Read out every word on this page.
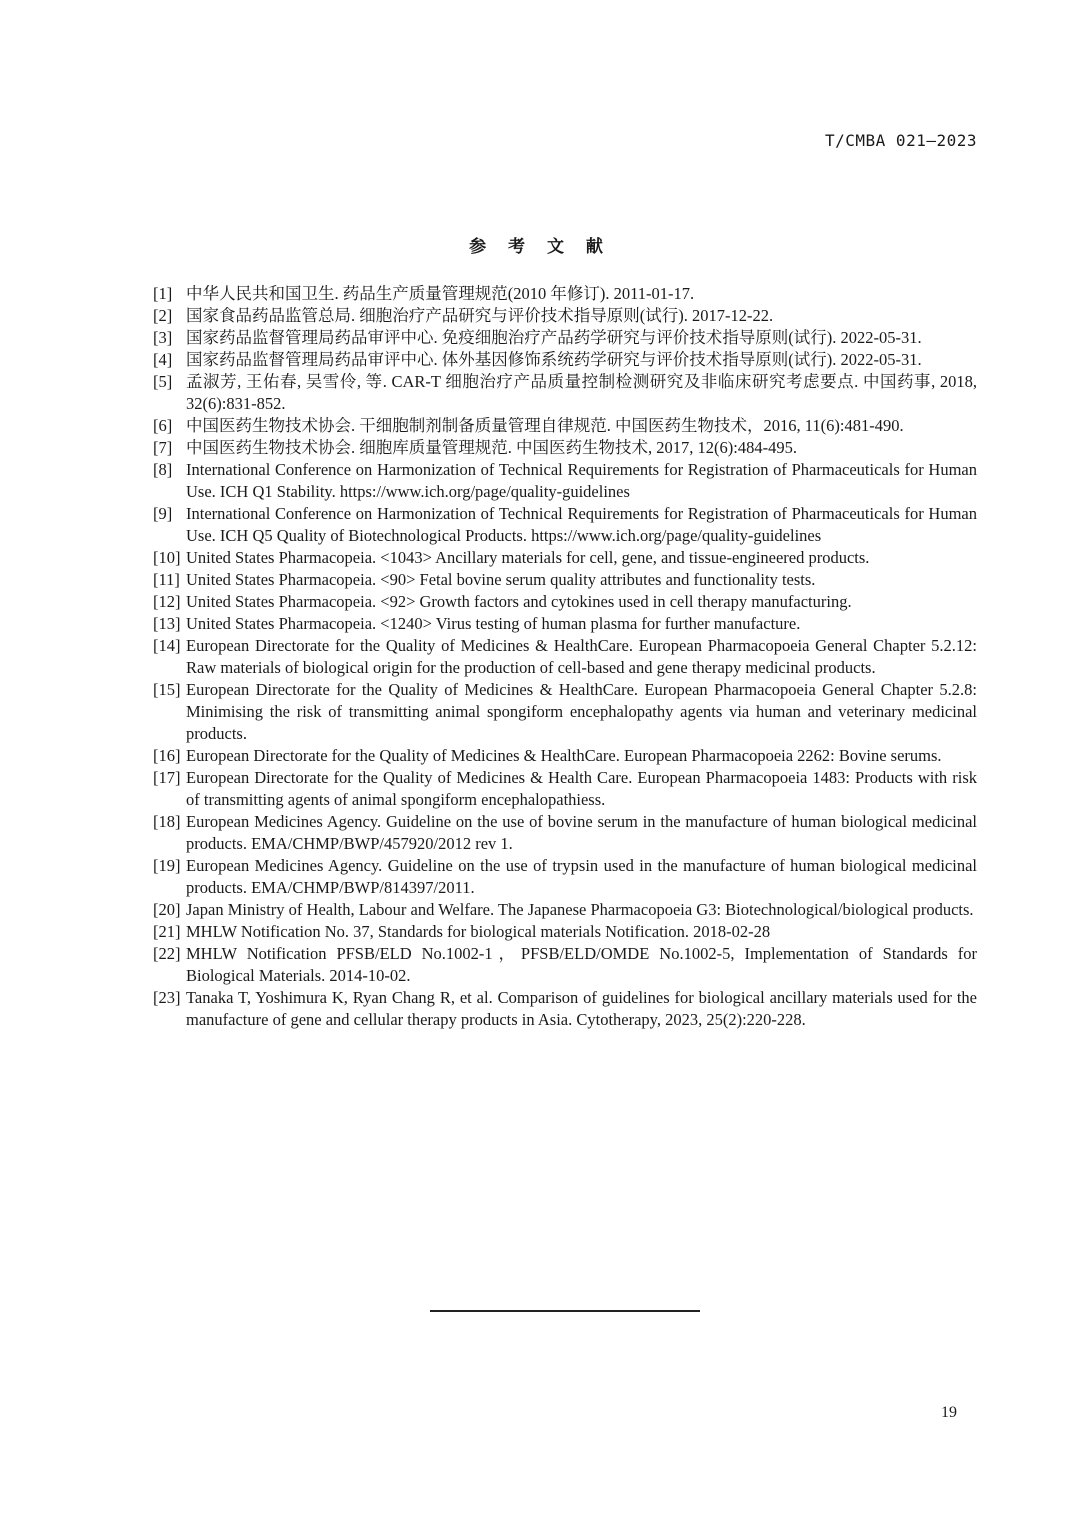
T/CMBA 021—2023
参 考 文 献
[1] 中华人民共和国卫生. 药品生产质量管理规范(2010 年修订). 2011-01-17.
[2] 国家食品药品监管总局. 细胞治疗产品研究与评价技术指导原则(试行). 2017-12-22.
[3] 国家药品监督管理局药品审评中心. 免疫细胞治疗产品药学研究与评价技术指导原则(试行). 2022-05-31.
[4] 国家药品监督管理局药品审评中心. 体外基因修饰系统药学研究与评价技术指导原则(试行). 2022-05-31.
[5] 孟淑芳, 王佑春, 吴雪伶, 等. CAR-T 细胞治疗产品质量控制检测研究及非临床研究考虑要点. 中国药事, 2018, 32(6):831-852.
[6] 中国医药生物技术协会. 干细胞制剂制备质量管理自律规范. 中国医药生物技术，2016, 11(6):481-490.
[7] 中国医药生物技术协会. 细胞库质量管理规范. 中国医药生物技术, 2017, 12(6):484-495.
[8] International Conference on Harmonization of Technical Requirements for Registration of Pharmaceuticals for Human Use. ICH Q1 Stability. https://www.ich.org/page/quality-guidelines
[9] International Conference on Harmonization of Technical Requirements for Registration of Pharmaceuticals for Human Use. ICH Q5 Quality of Biotechnological Products. https://www.ich.org/page/quality-guidelines
[10] United States Pharmacopeia. <1043> Ancillary materials for cell, gene, and tissue-engineered products.
[11] United States Pharmacopeia. <90> Fetal bovine serum quality attributes and functionality tests.
[12] United States Pharmacopeia. <92> Growth factors and cytokines used in cell therapy manufacturing.
[13] United States Pharmacopeia. <1240> Virus testing of human plasma for further manufacture.
[14] European Directorate for the Quality of Medicines & HealthCare. European Pharmacopoeia General Chapter 5.2.12: Raw materials of biological origin for the production of cell-based and gene therapy medicinal products.
[15] European Directorate for the Quality of Medicines & HealthCare. European Pharmacopoeia General Chapter 5.2.8: Minimising the risk of transmitting animal spongiform encephalopathy agents via human and veterinary medicinal products.
[16] European Directorate for the Quality of Medicines & HealthCare. European Pharmacopoeia 2262: Bovine serums.
[17] European Directorate for the Quality of Medicines & Health Care. European Pharmacopoeia 1483: Products with risk of transmitting agents of animal spongiform encephalopathiess.
[18] European Medicines Agency. Guideline on the use of bovine serum in the manufacture of human biological medicinal products. EMA/CHMP/BWP/457920/2012 rev 1.
[19] European Medicines Agency. Guideline on the use of trypsin used in the manufacture of human biological medicinal products. EMA/CHMP/BWP/814397/2011.
[20] Japan Ministry of Health, Labour and Welfare. The Japanese Pharmacopoeia G3: Biotechnological/biological products.
[21] MHLW Notification No. 37, Standards for biological materials Notification. 2018-02-28
[22] MHLW Notification PFSB/ELD No.1002-1，PFSB/ELD/OMDE No.1002-5, Implementation of Standards for Biological Materials. 2014-10-02.
[23] Tanaka T, Yoshimura K, Ryan Chang R, et al. Comparison of guidelines for biological ancillary materials used for the manufacture of gene and cellular therapy products in Asia. Cytotherapy, 2023, 25(2):220-228.
19
